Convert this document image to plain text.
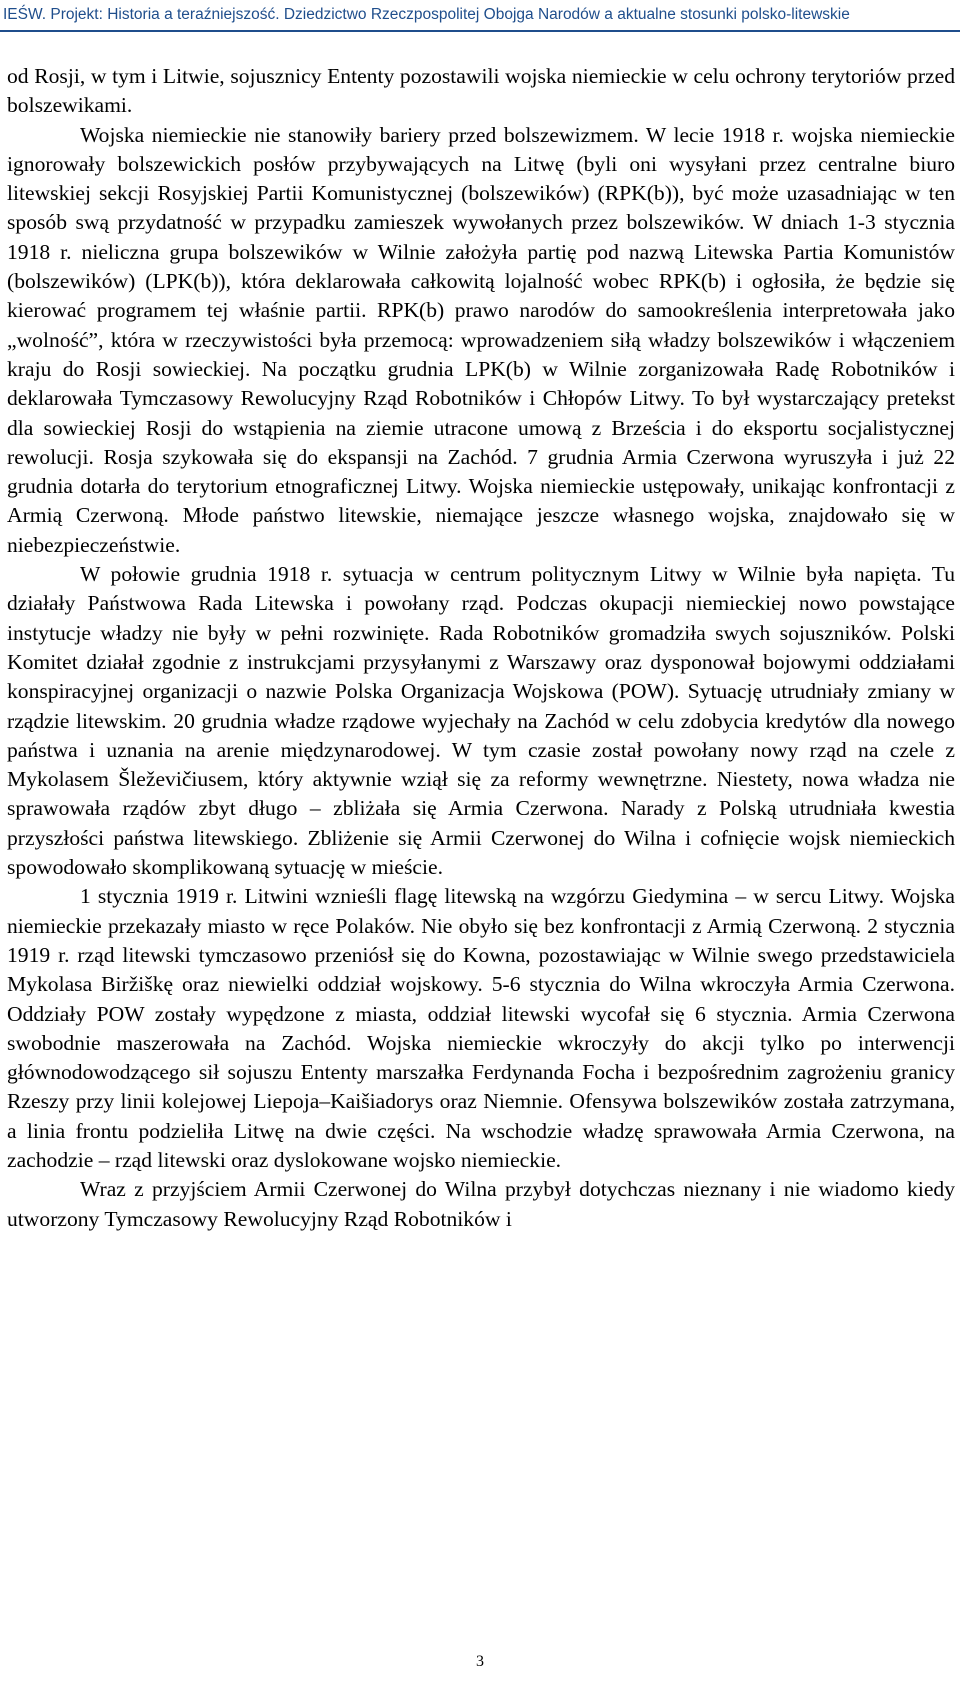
IEŚW. Projekt: Historia a teraźniejszość. Dziedzictwo Rzeczpospolitej Obojga Narodów a aktualne stosunki polsko-litewskie

od Rosji, w tym i Litwie, sojusznicy Ententy pozostawili wojska niemieckie w celu ochrony terytoriów przed bolszewikami.

Wojska niemieckie nie stanowiły bariery przed bolszewizmem. W lecie 1918 r. wojska niemieckie ignorowały bolszewickich posłów przybywających na Litwę (byli oni wysyłani przez centralne biuro litewskiej sekcji Rosyjskiej Partii Komunistycznej (bolszewików) (RPK(b)), być może uzasadniając w ten sposób swą przydatność w przypadku zamieszek wywołanych przez bolszewików. W dniach 1-3 stycznia 1918 r. nieliczna grupa bolszewików w Wilnie założyła partię pod nazwą Litewska Partia Komunistów (bolszewików) (LPK(b)), która deklarowała całkowitą lojalność wobec RPK(b) i ogłosiła, że będzie się kierować programem tej właśnie partii. RPK(b) prawo narodów do samookreślenia interpretowała jako „wolność”, która w rzeczywistości była przemocą: wprowadzeniem siłą władzy bolszewików i włączeniem kraju do Rosji sowieckiej. Na początku grudnia LPK(b) w Wilnie zorganizowała Radę Robotników i deklarowała Tymczasowy Rewolucyjny Rząd Robotników i Chłopów Litwy. To był wystarczający pretekst dla sowieckiej Rosji do wstąpienia na ziemie utracone umową z Brześcia i do eksportu socjalistycznej rewolucji. Rosja szykowała się do ekspansji na Zachód. 7 grudnia Armia Czerwona wyruszyła i już 22 grudnia dotarła do terytorium etnograficznej Litwy. Wojska niemieckie ustępowały, unikając konfrontacji z Armią Czerwoną. Młode państwo litewskie, niemające jeszcze własnego wojska, znajdowało się w niebezpieczeństwie.

W połowie grudnia 1918 r. sytuacja w centrum politycznym Litwy w Wilnie była napięta. Tu działały Państwowa Rada Litewska i powołany rząd. Podczas okupacji niemieckiej nowo powstające instytucje władzy nie były w pełni rozwinięte. Rada Robotników gromadziła swych sojuszników. Polski Komitet działał zgodnie z instrukcjami przysyłanymi z Warszawy oraz dysponował bojowymi oddziałami konspiracyjnej organizacji o nazwie Polska Organizacja Wojskowa (POW). Sytuację utrudniały zmiany w rządzie litewskim. 20 grudnia władze rządowe wyjechały na Zachód w celu zdobycia kredytów dla nowego państwa i uznania na arenie międzynarodowej. W tym czasie został powołany nowy rząd na czele z Mykolasem Šleževičiusem, który aktywnie wziął się za reformy wewnętrzne. Niestety, nowa władza nie sprawowała rządów zbyt długo – zbliżała się Armia Czerwona. Narady z Polską utrudniała kwestia przyszłości państwa litewskiego. Zbliżenie się Armii Czerwonej do Wilna i cofnięcie wojsk niemieckich spowodowało skomplikowaną sytuację w mieście.

1 stycznia 1919 r. Litwini wznieśli flagę litewską na wzgórzu Giedymina – w sercu Litwy. Wojska niemieckie przekazały miasto w ręce Polaków. Nie obyło się bez konfrontacji z Armią Czerwoną. 2 stycznia 1919 r. rząd litewski tymczasowo przeniósł się do Kowna, pozostawiając w Wilnie swego przedstawiciela Mykolasa Biržiškę oraz niewielki oddział wojskowy. 5-6 stycznia do Wilna wkroczyła Armia Czerwona. Oddziały POW zostały wypędzone z miasta, oddział litewski wycofał się 6 stycznia. Armia Czerwona swobodnie maszerowała na Zachód. Wojska niemieckie wkroczyły do akcji tylko po interwencji głównodowodzącego sił sojuszu Ententy marszałka Ferdynanda Focha i bezpośrednim zagrożeniu granicy Rzeszy przy linii kolejowej Liepoja–Kaišiadorys oraz Niemnie. Ofensywa bolszewików została zatrzymana, a linia frontu podzieliła Litwę na dwie części. Na wschodzie władzę sprawowała Armia Czerwona, na zachodzie – rząd litewski oraz dyslokowane wojsko niemieckie.

Wraz z przyjściem Armii Czerwonej do Wilna przybył dotychczas nieznany i nie wiadomo kiedy utworzony Tymczasowy Rewolucyjny Rząd Robotników i

3
